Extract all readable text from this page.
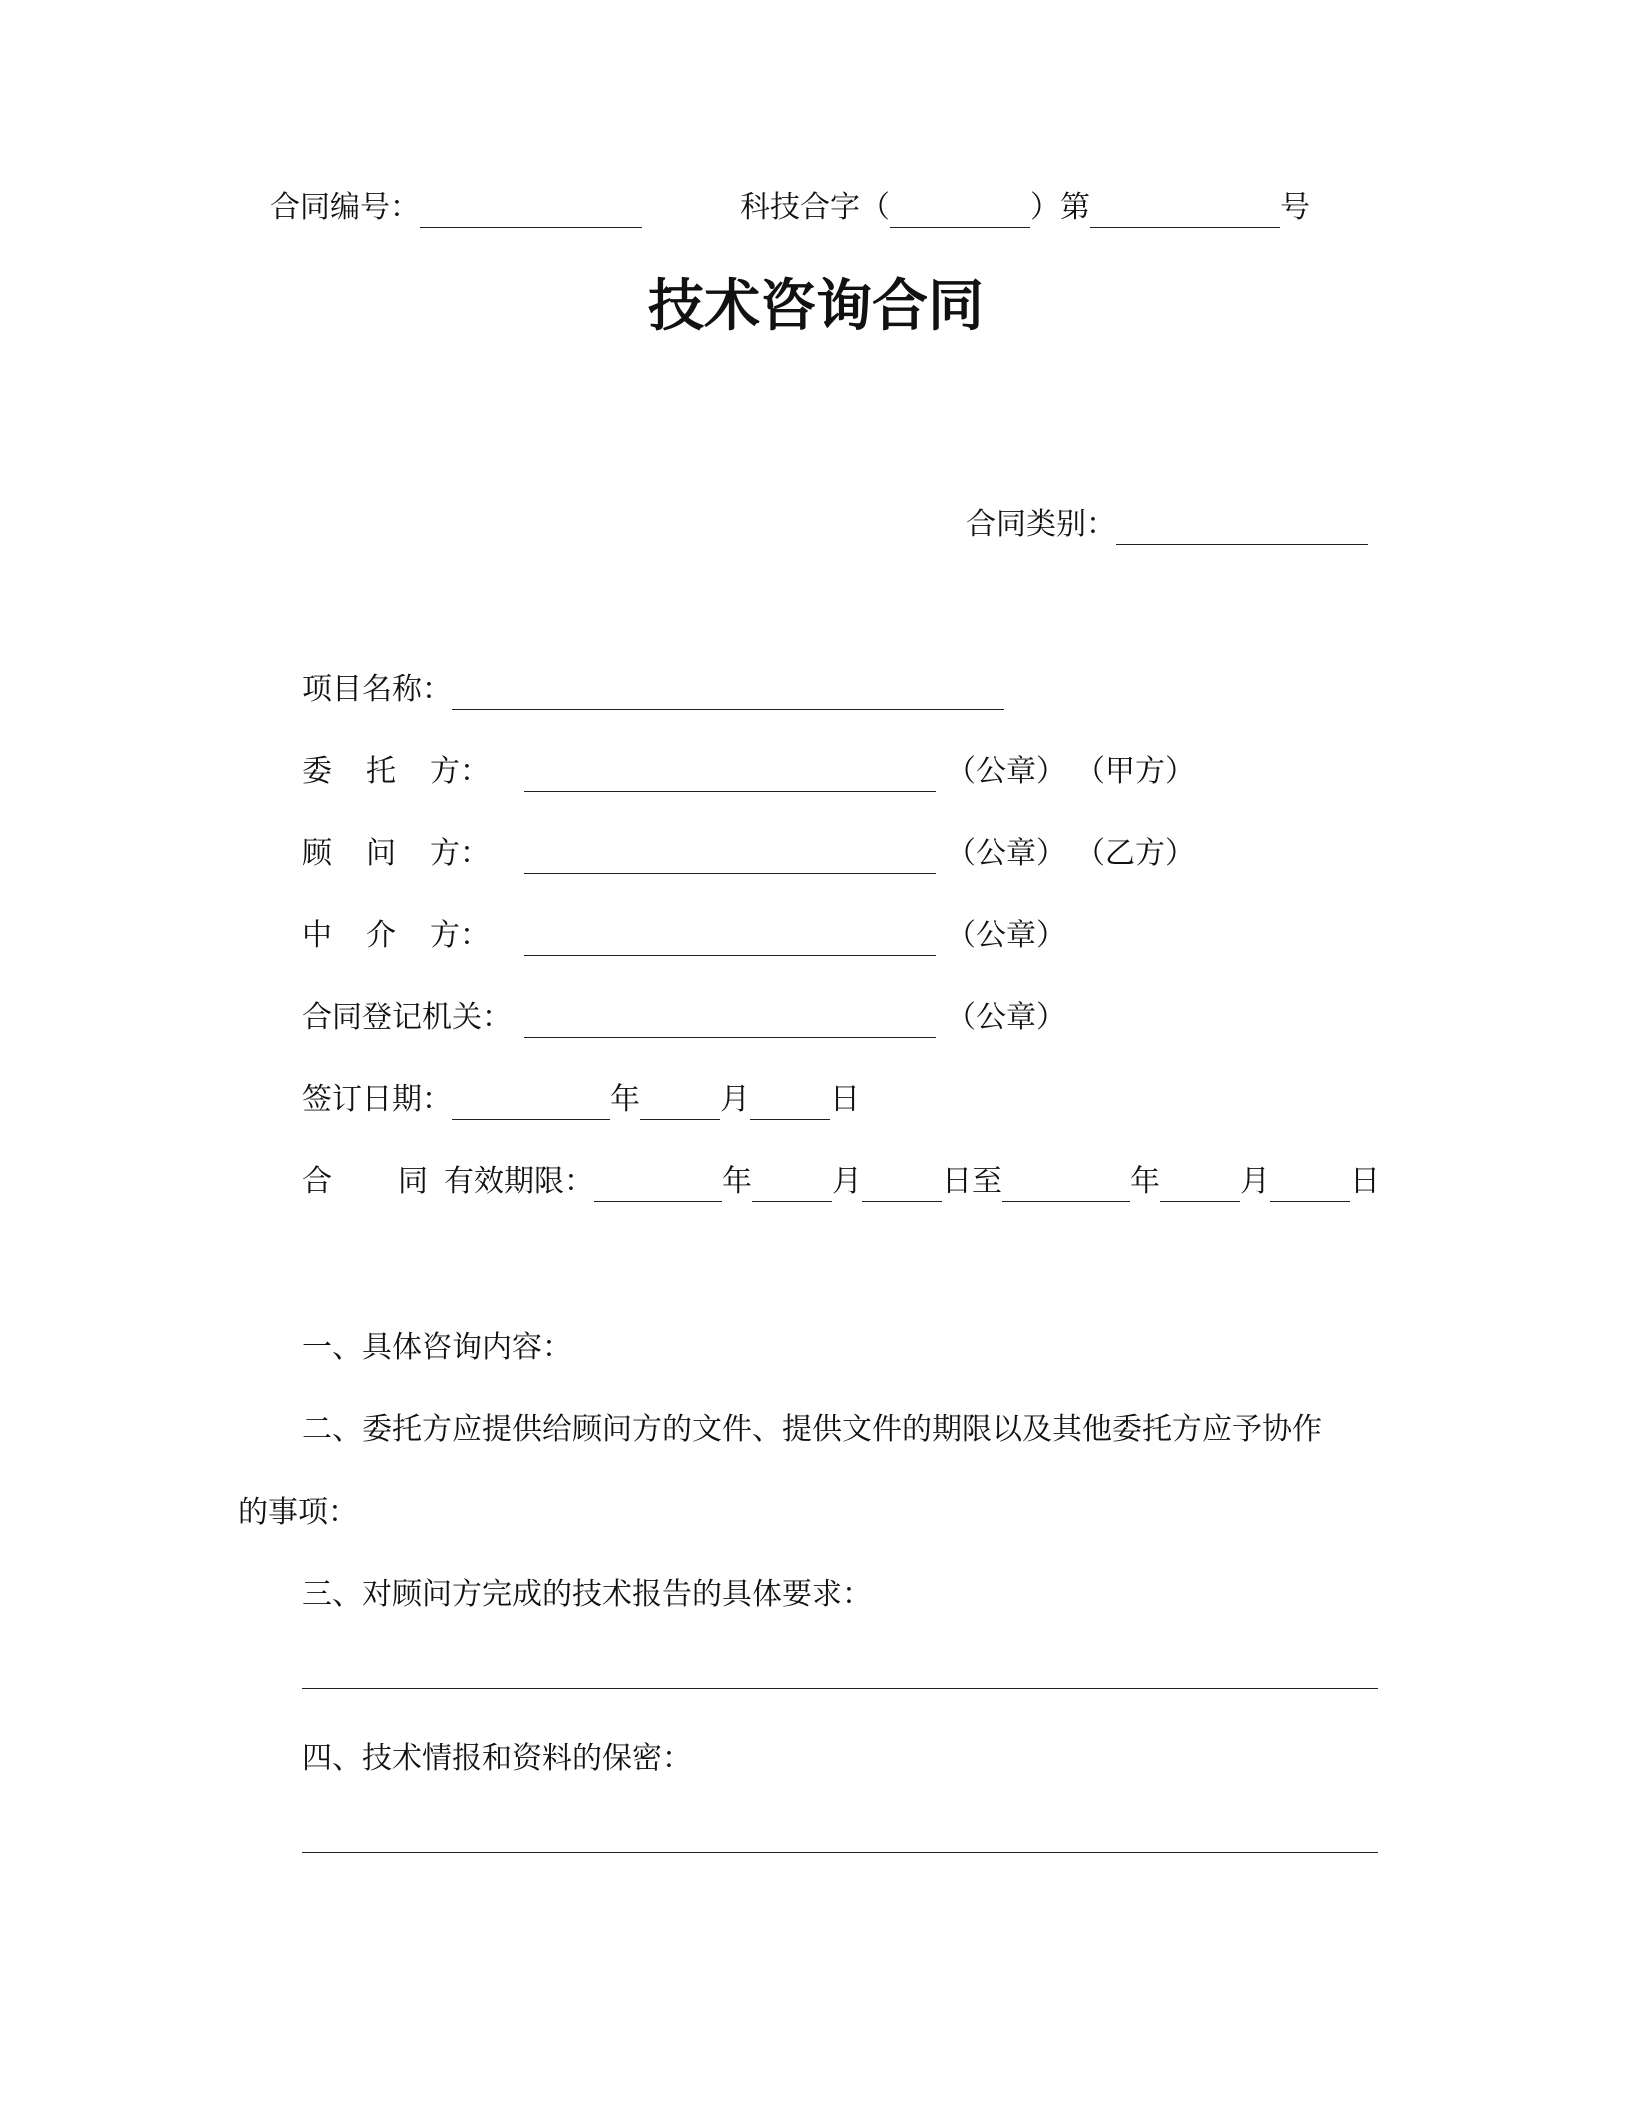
合同编号：	科技合字（	）第	号
技术咨询合同
合同类别：
项目名称：
委 托 方：	（公章） （甲方）
顾 问 方：	（公章） （乙方）
中 介 方：	（公章）
合同登记机关：	（公章）
签订日期：	年	月	日
合 同 有效期限：	年	月	日至	年	月	日
一、具体咨询内容：
二、委托方应提供给顾问方的文件、提供文件的期限以及其他委托方应予协作
的事项：
三、对顾问方完成的技术报告的具体要求：
四、技术情报和资料的保密：
